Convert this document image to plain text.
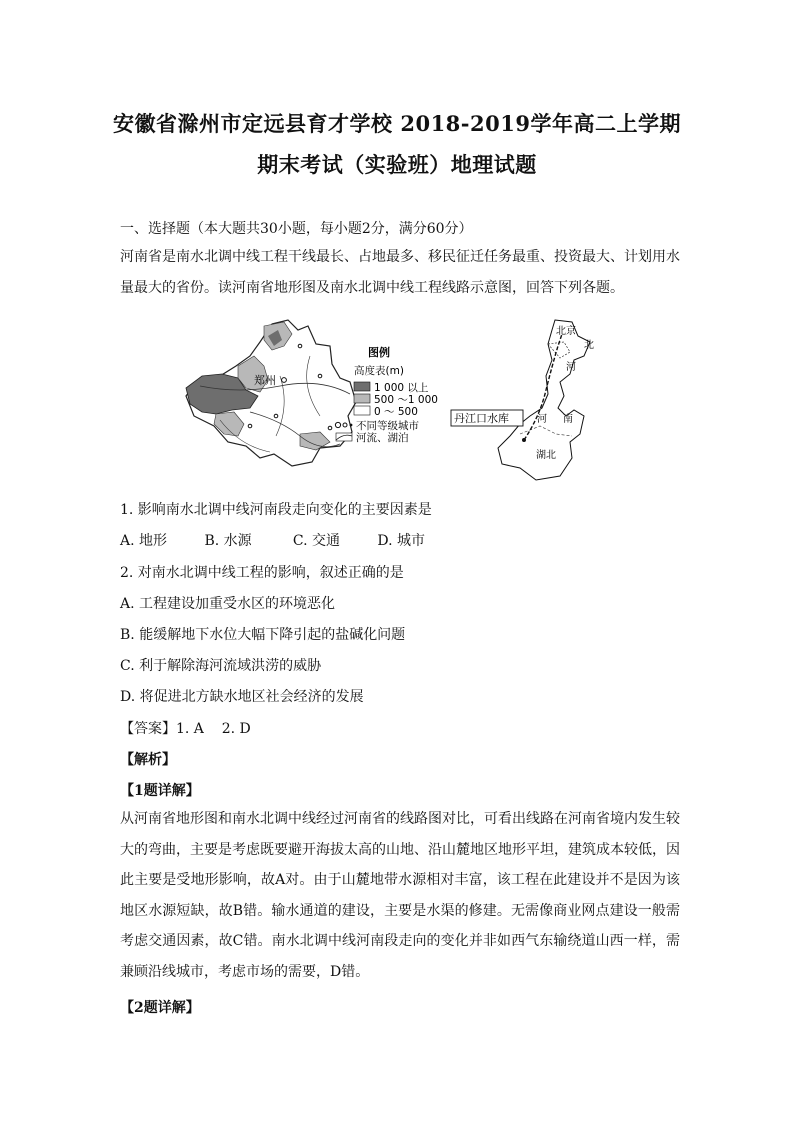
安徽省滁州市定远县育才学校 2018-2019学年高二上学期
期末考试（实验班）地理试题
一、选择题（本大题共30小题，每小题2分，满分60分）
河南省是南水北调中线工程干线最长、占地最多、移民征迁任务最重、投资最大、计划用水量最大的省份。读河南省地形图及南水北调中线工程线路示意图，回答下列各题。
郑州
图例
高度表(m)
1 000 以上
500 ～1 000
0 ～ 500
不同等级城市
河流、湖泊
北京
北
河
丹江口水库	河 南
湖北
1. 影响南水北调中线河南段走向变化的主要因素是
A. 地形	B. 水源	C. 交通	D. 城市
2. 对南水北调中线工程的影响，叙述正确的是
A. 工程建设加重受水区的环境恶化
B. 能缓解地下水位大幅下降引起的盐碱化问题
C. 利于解除海河流域洪涝的威胁
D. 将促进北方缺水地区社会经济的发展
【答案】1. A    2. D
【解析】
【1题详解】
从河南省地形图和南水北调中线经过河南省的线路图对比，可看出线路在河南省境内发生较大的弯曲，主要是考虑既要避开海拔太高的山地、沿山麓地区地形平坦，建筑成本较低，因此主要是受地形影响，故A对。由于山麓地带水源相对丰富，该工程在此建设并不是因为该地区水源短缺，故B错。输水通道的建设，主要是水渠的修建。无需像商业网点建设一般需考虑交通因素，故C错。南水北调中线河南段走向的变化并非如西气东输绕道山西一样，需兼顾沿线城市，考虑市场的需要，D错。
【2题详解】
